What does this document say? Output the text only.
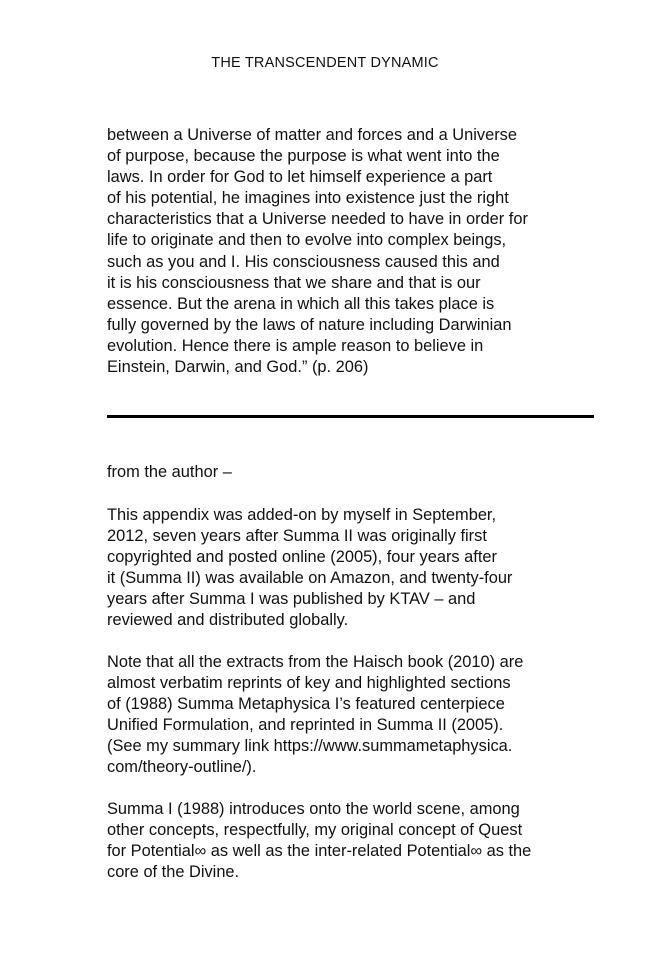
THE TRANSCENDENT DYNAMIC
between a Universe of matter and forces and a Universe
of purpose, because the purpose is what went into the
laws. In order for God to let himself experience a part
of his potential, he imagines into existence just the right
characteristics that a Universe needed to have in order for
life to originate and then to evolve into complex beings,
such as you and I. His consciousness caused this and
it is his consciousness that we share and that is our
essence. But the arena in which all this takes place is
fully governed by the laws of nature including Darwinian
evolution. Hence there is ample reason to believe in
Einstein, Darwin, and God.” (p. 206)
from the author –
This appendix was added-on by myself in September,
2012, seven years after Summa II was originally first
copyrighted and posted online (2005), four years after
it (Summa II) was available on Amazon, and twenty-four
years after Summa I was published by KTAV – and
reviewed and distributed globally.
Note that all the extracts from the Haisch book (2010) are
almost verbatim reprints of key and highlighted sections
of (1988) Summa Metaphysica I’s featured centerpiece
Unified Formulation, and reprinted in Summa II (2005).
(See my summary link https://www.summametaphysica.
com/theory-outline/).
Summa I (1988) introduces onto the world scene, among
other concepts, respectfully, my original concept of Quest
for Potential∞ as well as the inter-related Potential∞ as the
core of the Divine.
